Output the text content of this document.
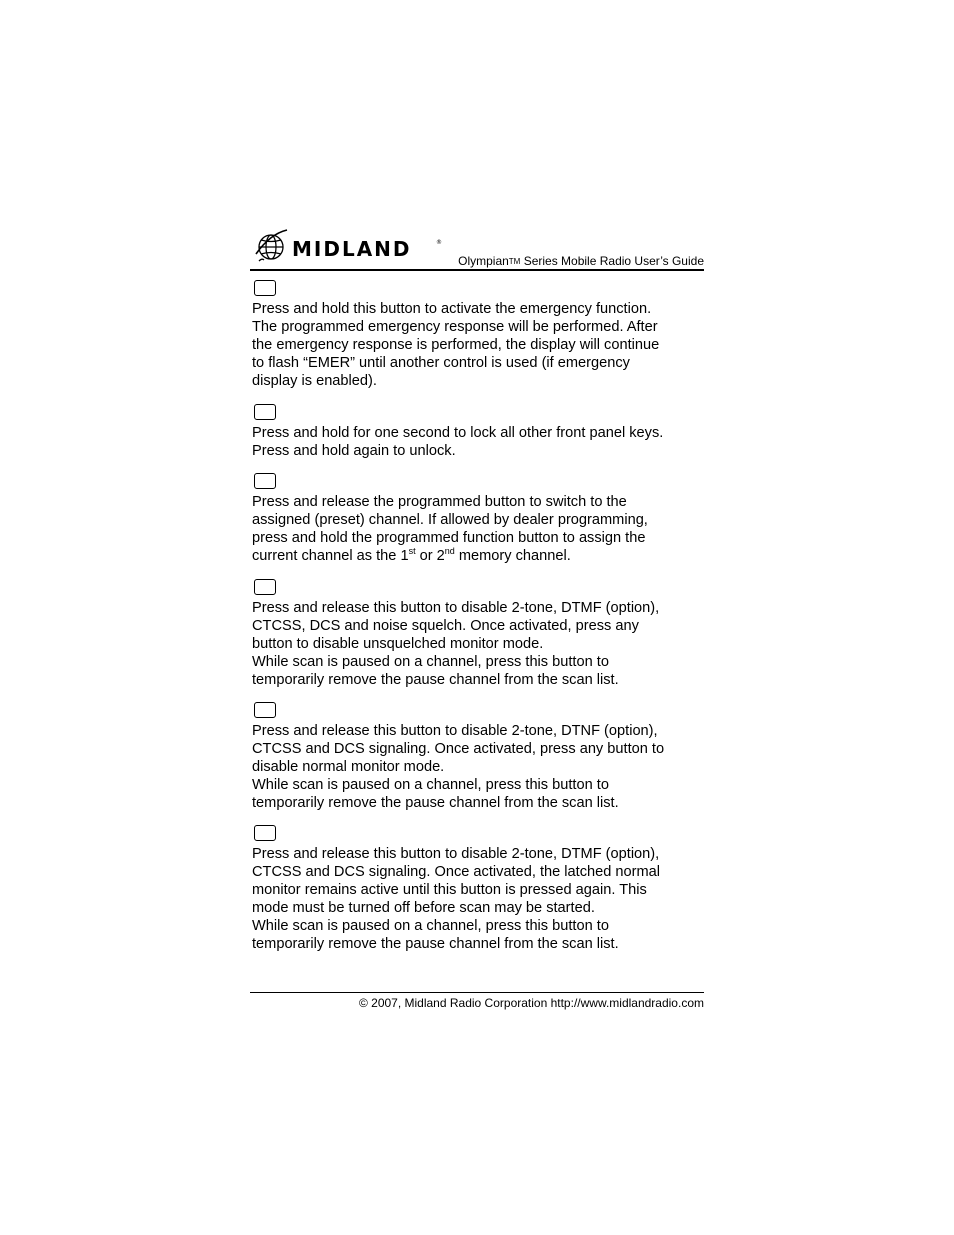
MIDLAND	®
OlympianTM Series Mobile Radio User’s Guide
Press and hold this button to activate the emergency function.
The programmed emergency response will be performed. After
the emergency response is performed, the display will continue
to flash “EMER” until another control is used (if emergency
display is enabled).
Press and hold for one second to lock all other front panel keys.
Press and hold again to unlock.
Press and release the programmed button to switch to the
assigned (preset) channel. If allowed by dealer programming,
press and hold the programmed function button to assign the
current channel as the 1st or 2nd memory channel.
Press and release this button to disable 2-tone, DTMF (option),
CTCSS, DCS and noise squelch. Once activated, press any
button to disable unsquelched monitor mode.
While scan is paused on a channel, press this button to
temporarily remove the pause channel from the scan list.
Press and release this button to disable 2-tone, DTNF (option),
CTCSS and DCS signaling. Once activated, press any button to
disable normal monitor mode.
While scan is paused on a channel, press this button to
temporarily remove the pause channel from the scan list.
Press and release this button to disable 2-tone, DTMF (option),
CTCSS and DCS signaling. Once activated, the latched normal
monitor remains active until this button is pressed again. This
mode must be turned off before scan may be started.
While scan is paused on a channel, press this button to
temporarily remove the pause channel from the scan list.
© 2007, Midland Radio Corporation http://www.midlandradio.com
